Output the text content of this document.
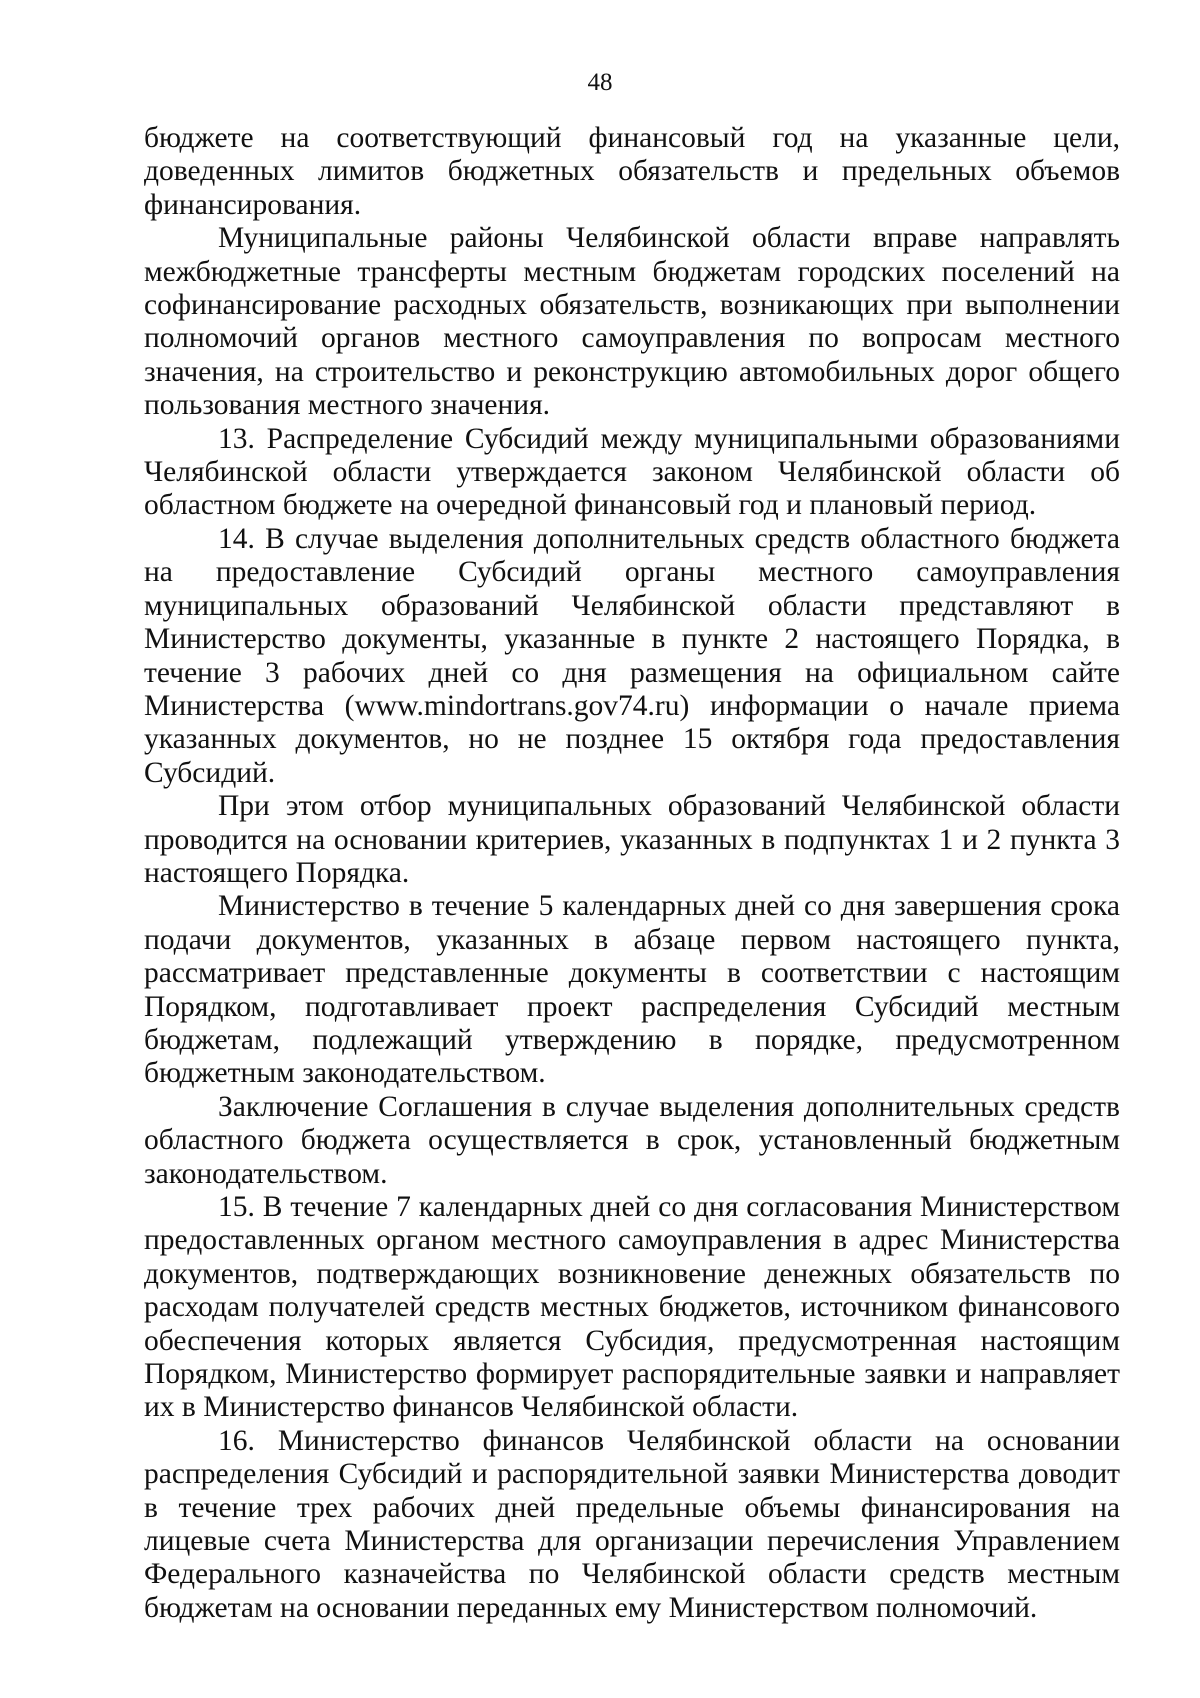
48

бюджете на соответствующий финансовый год на указанные цели, доведенных лимитов бюджетных обязательств и предельных объемов финансирования.

Муниципальные районы Челябинской области вправе направлять межбюджетные трансферты местным бюджетам городских поселений на софинансирование расходных обязательств, возникающих при выполнении полномочий органов местного самоуправления по вопросам местного значения, на строительство и реконструкцию автомобильных дорог общего пользования местного значения.

13. Распределение Субсидий между муниципальными образованиями Челябинской области утверждается законом Челябинской области об областном бюджете на очередной финансовый год и плановый период.

14. В случае выделения дополнительных средств областного бюджета на предоставление Субсидий органы местного самоуправления муниципальных образований Челябинской области представляют в Министерство документы, указанные в пункте 2 настоящего Порядка, в течение 3 рабочих дней со дня размещения на официальном сайте Министерства (www.mindortrans.gov74.ru) информации о начале приема указанных документов, но не позднее 15 октября года предоставления Субсидий.

При этом отбор муниципальных образований Челябинской области проводится на основании критериев, указанных в подпунктах 1 и 2 пункта 3 настоящего Порядка.

Министерство в течение 5 календарных дней со дня завершения срока подачи документов, указанных в абзаце первом настоящего пункта, рассматривает представленные документы в соответствии с настоящим Порядком, подготавливает проект распределения Субсидий местным бюджетам, подлежащий утверждению в порядке, предусмотренном бюджетным законодательством.

Заключение Соглашения в случае выделения дополнительных средств областного бюджета осуществляется в срок, установленный бюджетным законодательством.

15. В течение 7 календарных дней со дня согласования Министерством предоставленных органом местного самоуправления в адрес Министерства документов, подтверждающих возникновение денежных обязательств по расходам получателей средств местных бюджетов, источником финансового обеспечения которых является Субсидия, предусмотренная настоящим Порядком, Министерство формирует распорядительные заявки и направляет их в Министерство финансов Челябинской области.

16. Министерство финансов Челябинской области на основании распределения Субсидий и распорядительной заявки Министерства доводит в течение трех рабочих дней предельные объемы финансирования на лицевые счета Министерства для организации перечисления Управлением Федерального казначейства по Челябинской области средств местным бюджетам на основании переданных ему Министерством полномочий.
